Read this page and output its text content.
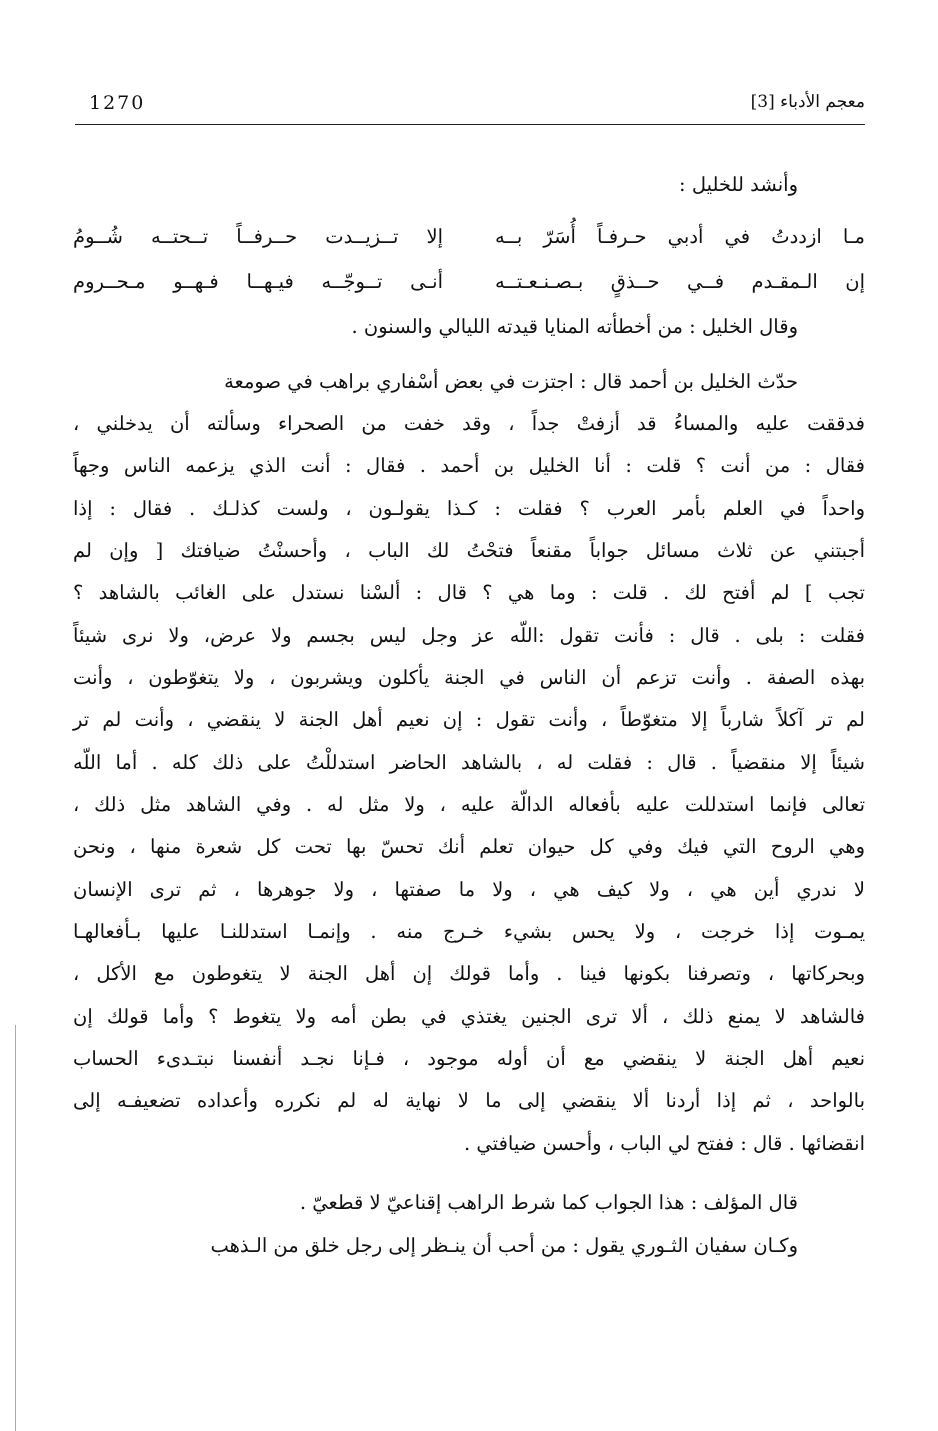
1270	معجم الأدباء [3]
وأنشد للخليل :
مـا ازددتُ في أدبي حـرفـاً أُسَرّ بــه
إلا تــزيــدت حــرفــاً تــحتــه شُــومُ
إن الـمقـدم فــي حــذقٍ بـصـنـعـتــه
أنـى تــوجّــه فيـهــا فـهــو مـحــروم
وقال الخليل : من أخطأته المنايا قيدته الليالي والسنون .
حدّث الخليل بن أحمد قال : اجتزت في بعض أسْفاري براهب في صومعة
فدققت عليه والمساءُ قد أزفتْ جداً ، وقد خفت من الصحراء وسألته أن يدخلني ،
فقال : من أنت ؟ قلت : أنا الخليل بن أحمد . فقال : أنت الذي يزعمه الناس وجهاً
واحداً في العلم بأمر العرب ؟ فقلت : كـذا يقولـون ، ولست كذلـك . فقال : إذا
أجبتني عن ثلاث مسائل جواباً مقنعاً فتحْتُ لك الباب ، وأحسنْتُ ضيافتك [ وإن لم
تجب ] لم أفتح لك . قلت : وما هي ؟ قال : ألسْنا نستدل على الغائب بالشاهد ؟
فقلت : بلى . قال : فأنت تقول :اللّه عز وجل ليس بجسم ولا عرض، ولا نرى شيئاً
بهذه الصفة . وأنت تزعم أن الناس في الجنة يأكلون ويشربون ، ولا يتغوّطون ، وأنت
لم تر آكلاً شارباً إلا متغوّطاً ، وأنت تقول : إن نعيم أهل الجنة لا ينقضي ، وأنت لم تر
شيئاً إلا منقضياً . قال : فقلت له ، بالشاهد الحاضر استدللْتُ على ذلك كله . أما اللّه
تعالى فإنما استدللت عليه بأفعاله الدالّة عليه ، ولا مثل له . وفي الشاهد مثل ذلك ،
وهي الروح التي فيك وفي كل حيوان تعلم أنك تحسّ بها تحت كل شعرة منها ، ونحن
لا ندري أين هي ، ولا كيف هي ، ولا ما صفتها ، ولا جوهرها ، ثم ترى الإنسان
يمـوت إذا خرجت ، ولا يحس بشيء خـرج منه . وإنمـا استدللنـا عليها بـأفعالهـا
وبحركاتها ، وتصرفنا بكونها فينا . وأما قولك إن أهل الجنة لا يتغوطون مع الأكل ،
فالشاهد لا يمنع ذلك ، ألا ترى الجنين يغتذي في بطن أمه ولا يتغوط ؟ وأما قولك إن
نعيم أهل الجنة لا ينقضي مع أن أوله موجود ، فـإنا نجـد أنفسنا نبتـدىء الحساب
بالواحد ، ثم إذا أردنا ألا ينقضي إلى ما لا نهاية له لم نكرره وأعداده تضعيفـه إلى
انقضائها . قال : ففتح لي الباب ، وأحسن ضيافتي .
قال المؤلف : هذا الجواب كما شرط الراهب إقناعيّ لا قطعيّ .
وكـان سفيان الثـوري يقول : من أحب أن ينـظر إلى رجل خلق من الـذهب
